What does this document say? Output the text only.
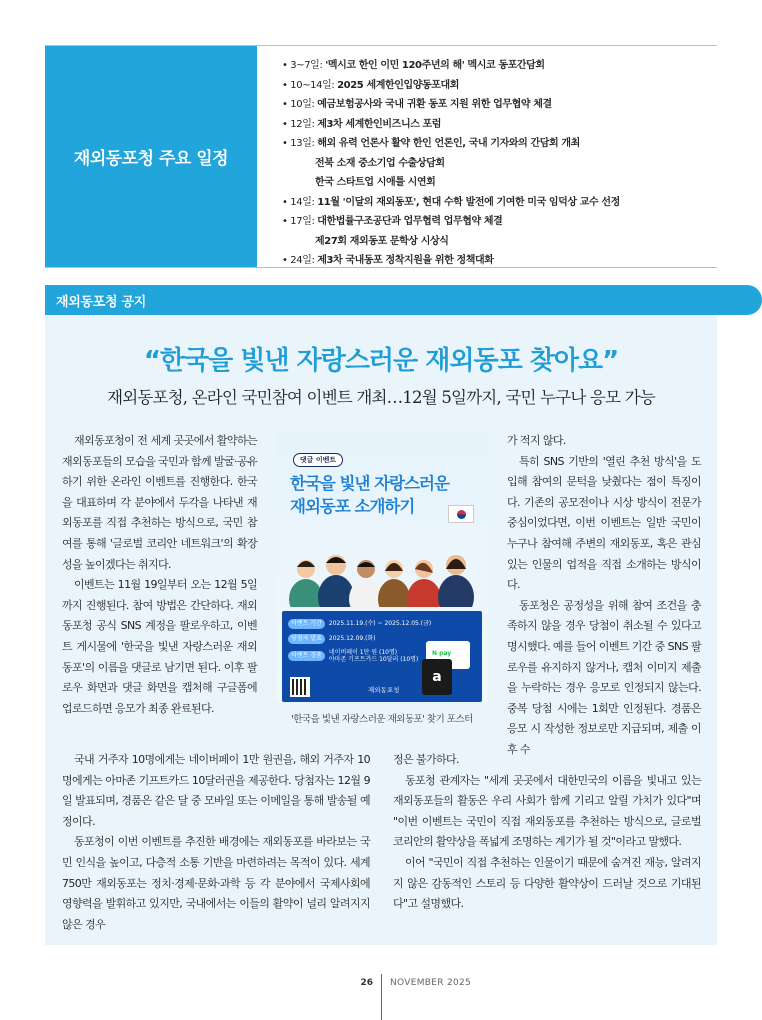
재외동포청 주요 일정
• 3~7일: '멕시코 한인 이민 120주년의 해' 멕시코 동포간담회
• 10~14일: 2025 세계한인입양동포대회
• 10일: 예금보험공사와 국내 귀환 동포 지원 위한 업무협약 체결
• 12일: 제3차 세계한인비즈니스 포럼
• 13일: 해외 유력 언론사 활약 한인 언론인, 국내 기자와의 간담회 개최
전북 소재 중소기업 수출상담회
한국 스타트업 시애틀 시연회
• 14일: 11월 '이달의 재외동포', 현대 수학 발전에 기여한 미국 임덕상 교수 선정
• 17일: 대한법률구조공단과 업무협력 업무협약 체결
제27회 재외동포 문학상 시상식
• 24일: 제3차 국내동포 정착지원을 위한 정책대화
재외동포청 공지
“한국을 빛낸 자랑스러운 재외동포 찾아요”
재외동포청, 온라인 국민참여 이벤트 개최…12월 5일까지, 국민 누구나 응모 가능

재외동포청이 전 세계 곳곳에서 활약하는 재외동포들의 모습을 국민과 함께 발굴·공유하기 위한 온라인 이벤트를 진행한다. 한국을 대표하며 각 분야에서 두각을 나타낸 재외동포를 직접 추천하는 방식으로, 국민 참여를 통해 '글로벌 코리안 네트워크'의 확장성을 높이겠다는 취지다.

이벤트는 11월 19일부터 오는 12월 5일까지 진행된다. 참여 방법은 간단하다. 재외동포청 공식 SNS 계정을 팔로우하고, 이벤트 게시물에 '한국을 빛낸 자랑스러운 재외동포'의 이름을 댓글로 남기면 된다. 이후 팔로우 화면과 댓글 화면을 캡처해 구글폼에 업로드하면 응모가 최종 완료된다.

가 적지 않다.

특히 SNS 기반의 '열린 추천 방식'을 도입해 참여의 문턱을 낮췄다는 점이 특징이다. 기존의 공모전이나 시상 방식이 전문가 중심이었다면, 이번 이벤트는 일반 국민이 누구나 참여해 주변의 재외동포, 혹은 관심 있는 인물의 업적을 직접 소개하는 방식이다.

동포청은 공정성을 위해 참여 조건을 충족하지 않을 경우 당첨이 취소될 수 있다고 명시했다. 예를 들어 이벤트 기간 중 SNS 팔로우를 유지하지 않거나, 캡처 이미지 제출을 누락하는 경우 응모로 인정되지 않는다. 중복 당첨 시에는 1회만 인정된다. 경품은 응모 시 작성한 정보로만 지급되며, 제출 이후 수

국내 거주자 10명에게는 네이버페이 1만 원권을, 해외 거주자 10명에게는 아마존 기프트카드 10달러권을 제공한다. 당첨자는 12월 9일 발표되며, 경품은 같은 달 중 모바일 또는 이메일을 통해 발송될 예정이다.

동포청이 이번 이벤트를 추진한 배경에는 재외동포를 바라보는 국민 인식을 높이고, 다층적 소통 기반을 마련하려는 목적이 있다. 세계 750만 재외동포는 정치·경제·문화·과학 등 각 분야에서 국제사회에 영향력을 발휘하고 있지만, 국내에서는 이들의 활약이 널리 알려지지 않은 경우

정은 불가하다.

동포청 관계자는 "세계 곳곳에서 대한민국의 이름을 빛내고 있는 재외동포들의 활동은 우리 사회가 함께 기리고 알릴 가치가 있다"며 "이번 이벤트는 국민이 직접 재외동포를 추천하는 방식으로, 글로벌 코리안의 활약상을 폭넓게 조명하는 계기가 될 것"이라고 말했다.

이어 "국민이 직접 추천하는 인물이기 때문에 숨겨진 재능, 알려지지 않은 감동적인 스토리 등 다양한 활약상이 드러날 것으로 기대된다"고 설명했다.

댓글 이벤트
한국을 빛낸 자랑스러운
재외동포 소개하기
이벤트 기간	2025.11.19.(수) ~ 2025.12.05.(금)
당첨자 발표	2025.12.09.(화)
이벤트 경품	네이버페이 1만 원 (10명)
아마존 기프트카드 10달러 (10명)
N pay
a
재외동포청
'한국을 빛낸 자랑스러운 재외동포' 찾기 포스터
26 NOVEMBER 2025
